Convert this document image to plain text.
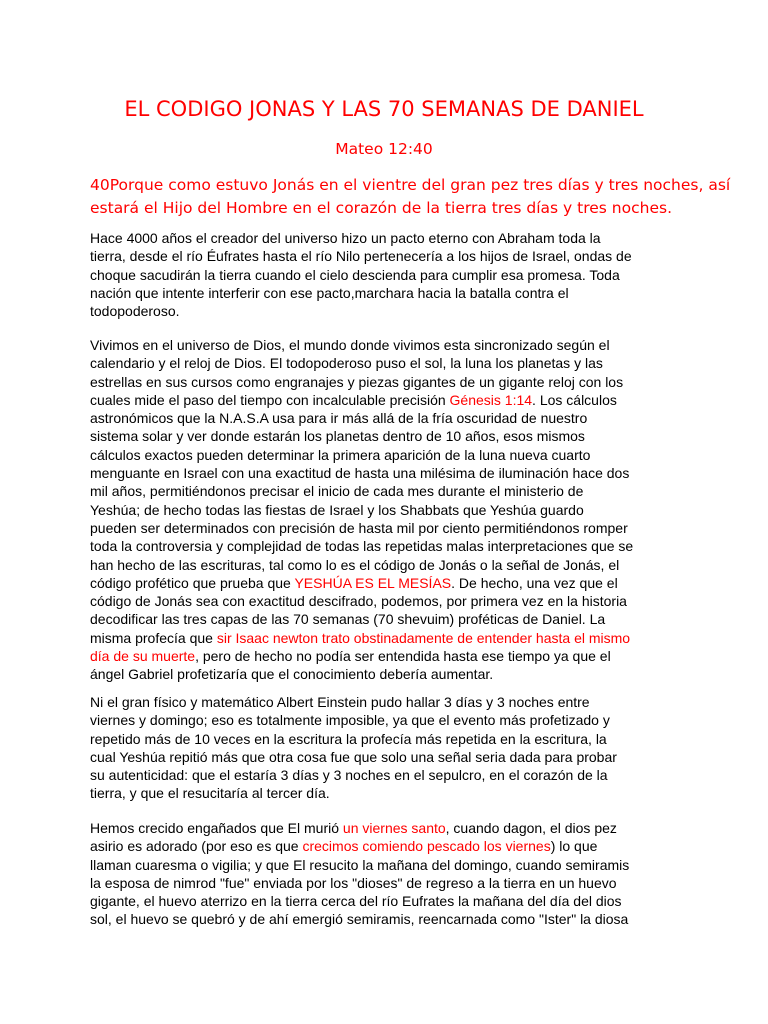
EL CODIGO JONAS Y LAS 70 SEMANAS DE DANIEL
Mateo 12:40
40Porque como estuvo Jonás en el vientre del gran pez tres días y tres noches, así
estará el Hijo del Hombre en el corazón de la tierra tres días y tres noches.
Hace 4000 años el creador del universo hizo un pacto eterno con Abraham toda la
tierra, desde el río Éufrates hasta el río Nilo pertenecería a los hijos de Israel, ondas de
choque sacudirán la tierra cuando el cielo descienda para cumplir esa promesa. Toda
nación que intente interferir con ese pacto,marchara hacia la batalla contra el
todopoderoso.
Vivimos en el universo de Dios, el mundo donde vivimos esta sincronizado según el
calendario y el reloj de Dios. El todopoderoso puso el sol, la luna los planetas y las
estrellas en sus cursos como engranajes y piezas gigantes de un gigante reloj con los
cuales mide el paso del tiempo con incalculable precisión Génesis 1:14. Los cálculos
astronómicos que la N.A.S.A usa para ir más allá de la fría oscuridad de nuestro
sistema solar y ver donde estarán los planetas dentro de 10 años, esos mismos
cálculos exactos pueden determinar la primera aparición de la luna nueva cuarto
menguante en Israel con una exactitud de hasta una milésima de iluminación hace dos
mil años, permitiéndonos precisar el inicio de cada mes durante el ministerio de
Yeshúa; de hecho todas las fiestas de Israel y los Shabbats que Yeshúa guardo
pueden ser determinados con precisión de hasta mil por ciento permitiéndonos romper
toda la controversia y complejidad de todas las repetidas malas interpretaciones que se
han hecho de las escrituras, tal como lo es el código de Jonás o la señal de Jonás, el
código profético que prueba que YESHÚA ES EL MESÍAS. De hecho, una vez que el
código de Jonás sea con exactitud descifrado, podemos, por primera vez en la historia
decodificar las tres capas de las 70 semanas (70 shevuim) proféticas de Daniel. La
misma profecía que sir Isaac newton trato obstinadamente de entender hasta el mismo
día de su muerte, pero de hecho no podía ser entendida hasta ese tiempo ya que el
ángel Gabriel profetizaría que el conocimiento debería aumentar.
Ni el gran físico y matemático Albert Einstein pudo hallar 3 días y 3 noches entre
viernes y domingo; eso es totalmente imposible, ya que el evento más profetizado y
repetido más de 10 veces en la escritura la profecía más repetida en la escritura, la
cual Yeshúa repitió más que otra cosa fue que solo una señal seria dada para probar
su autenticidad: que el estaría 3 días y 3 noches en el sepulcro, en el corazón de la
tierra, y que el resucitaría al tercer día.
Hemos crecido engañados que El murió un viernes santo, cuando dagon, el dios pez
asirio es adorado (por eso es que crecimos comiendo pescado los viernes) lo que
llaman cuaresma o vigilia; y que El resucito la mañana del domingo, cuando semiramis
la esposa de nimrod "fue" enviada por los "dioses" de regreso a la tierra en un huevo
gigante, el huevo aterrizo en la tierra cerca del río Eufrates la mañana del día del dios
sol, el huevo se quebró y de ahí emergió semiramis, reencarnada como "Ister" la diosa
